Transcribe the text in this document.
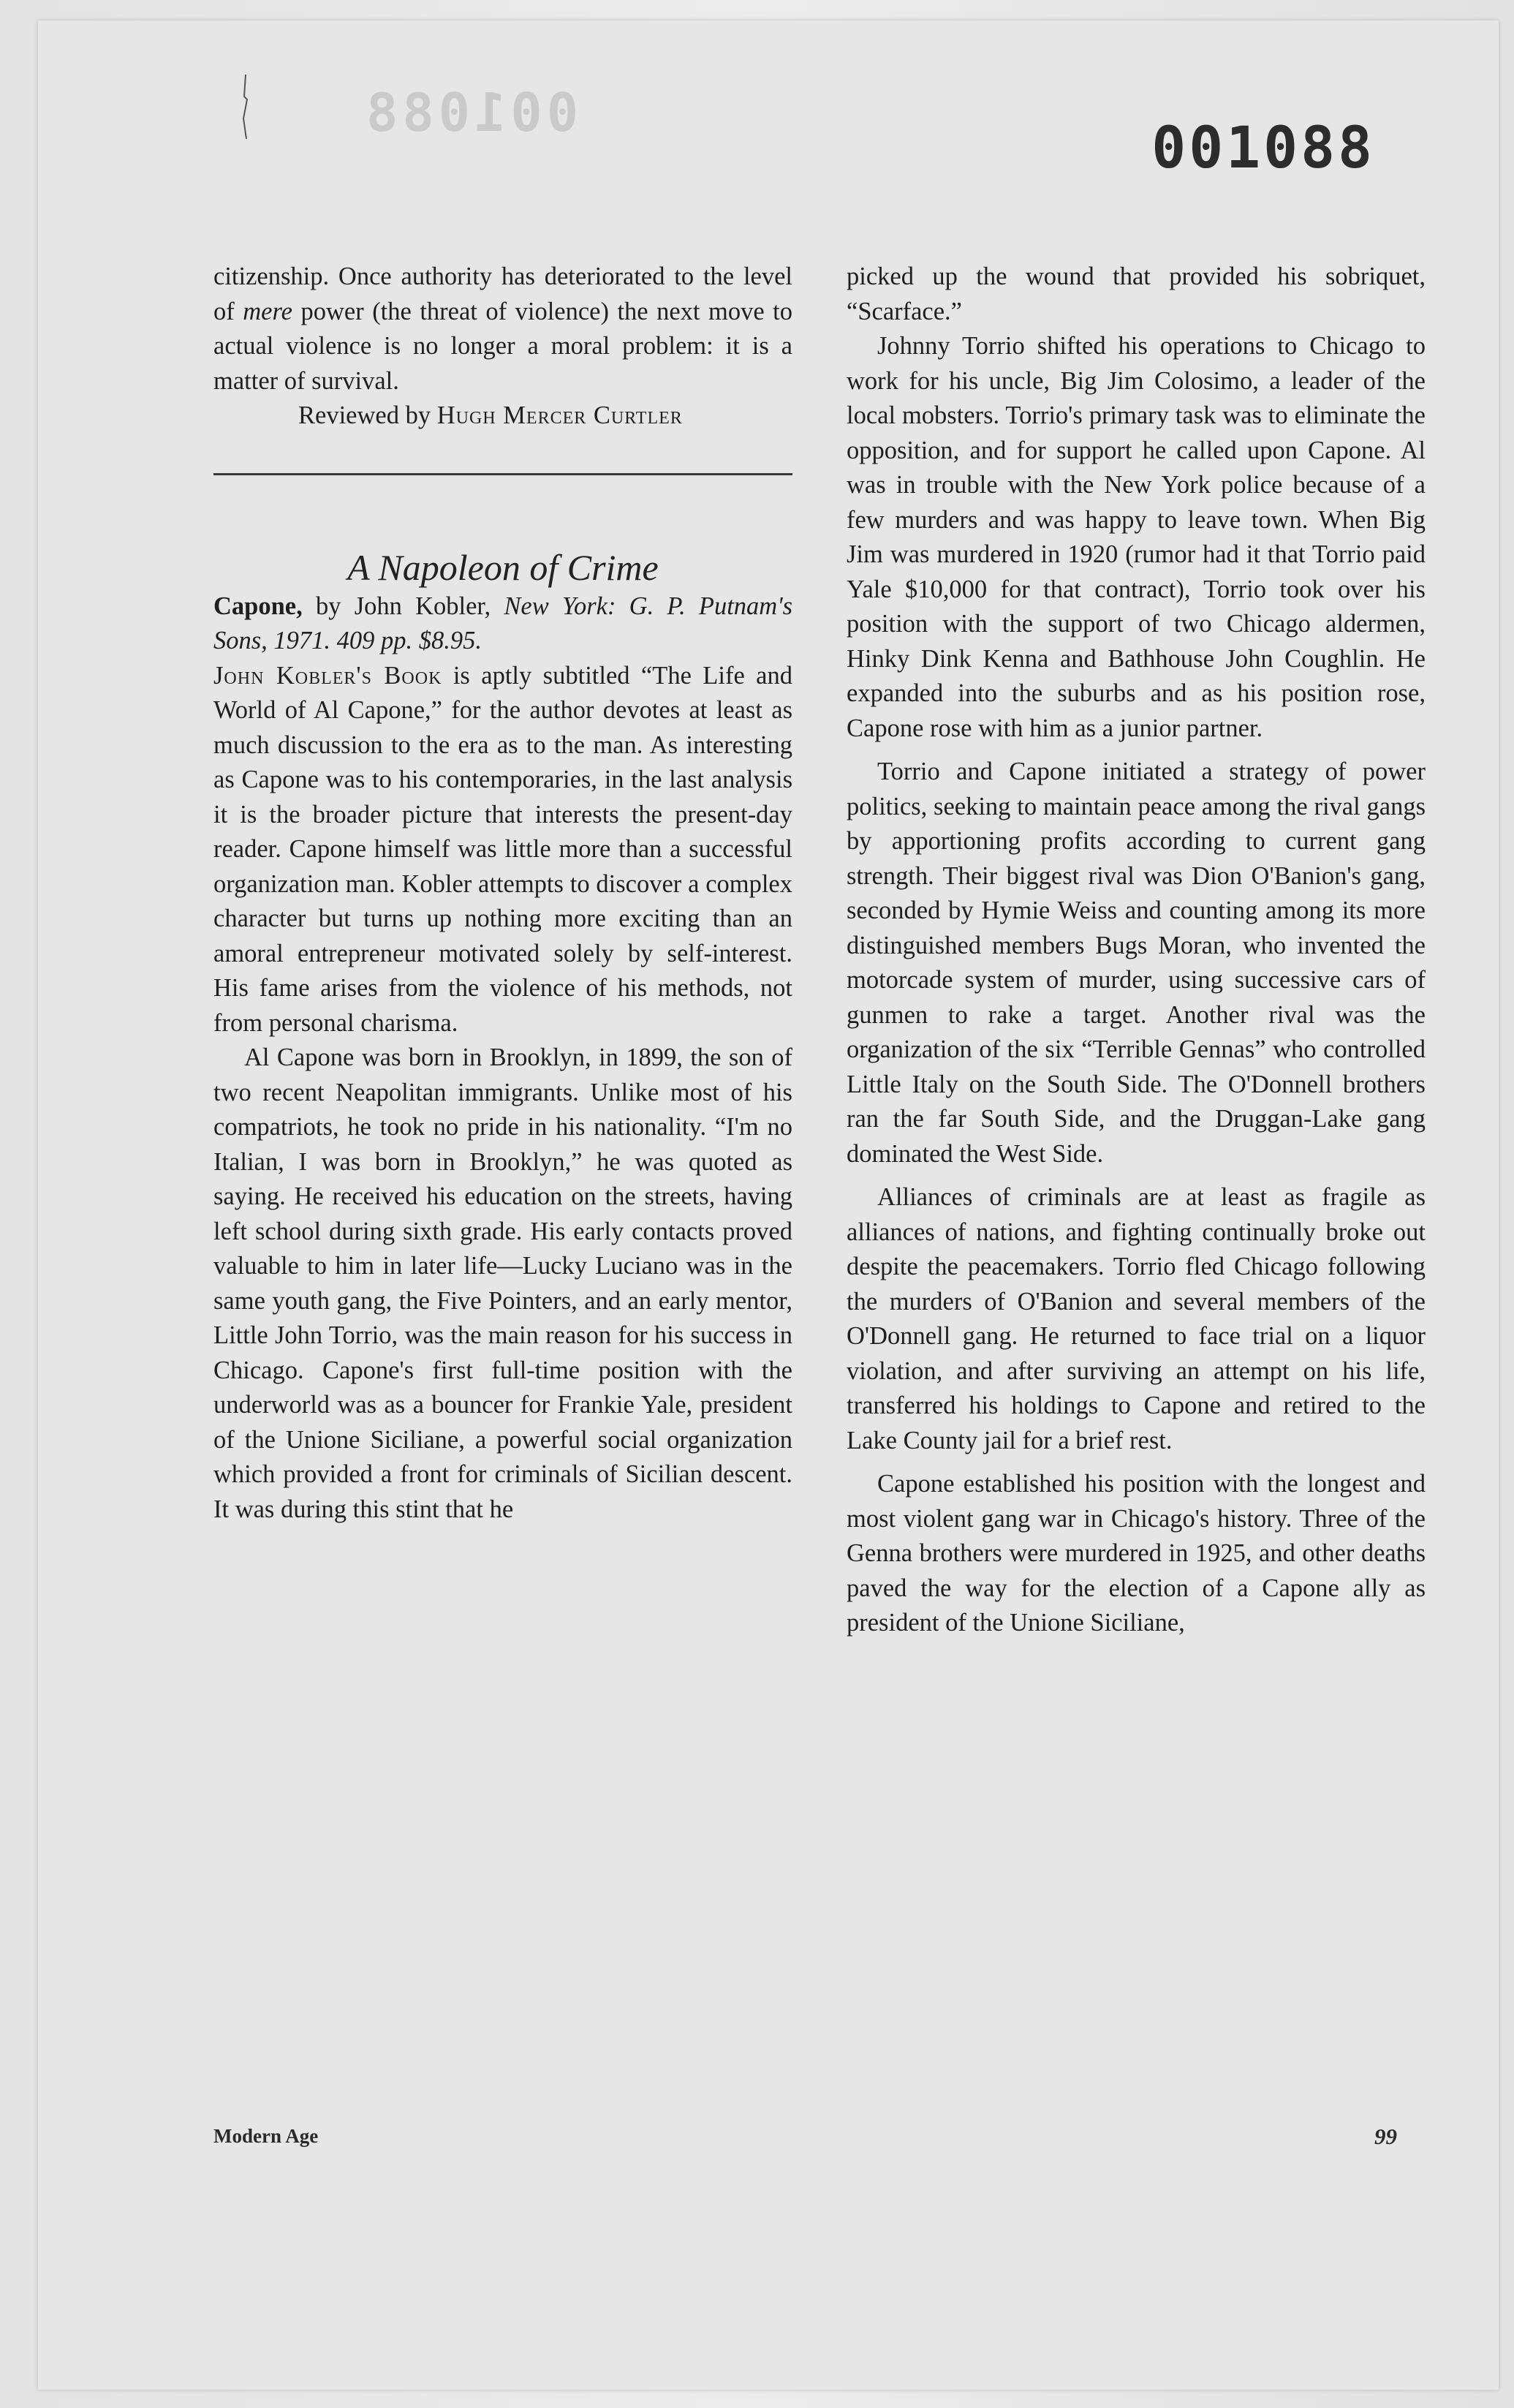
001088
001088

citizenship. Once authority has deteriorated to the level of mere power (the threat of violence) the next move to actual violence is no longer a moral problem: it is a matter of survival.

Reviewed by Hugh Mercer Curtler

A Napoleon of Crime

Capone, by John Kobler, New York: G. P. Putnam's Sons, 1971. 409 pp. $8.95.

John Kobler's Book is aptly subtitled “The Life and World of Al Capone,” for the author devotes at least as much discussion to the era as to the man. As interesting as Capone was to his contemporaries, in the last analysis it is the broader picture that interests the present-day reader. Capone himself was little more than a successful organization man. Kobler attempts to discover a complex character but turns up nothing more exciting than an amoral entrepreneur motivated solely by self-interest. His fame arises from the violence of his methods, not from personal charisma.

Al Capone was born in Brooklyn, in 1899, the son of two recent Neapolitan immigrants. Unlike most of his compatriots, he took no pride in his nationality. “I'm no Italian, I was born in Brooklyn,” he was quoted as saying. He received his education on the streets, having left school during sixth grade. His early contacts proved valuable to him in later life—Lucky Luciano was in the same youth gang, the Five Pointers, and an early mentor, Little John Torrio, was the main reason for his success in Chicago. Capone's first full-time position with the underworld was as a bouncer for Frankie Yale, president of the Unione Siciliane, a powerful social organization which provided a front for criminals of Sicilian descent. It was during this stint that he

picked up the wound that provided his sobriquet, “Scarface.”

Johnny Torrio shifted his operations to Chicago to work for his uncle, Big Jim Colosimo, a leader of the local mobsters. Torrio's primary task was to eliminate the opposition, and for support he called upon Capone. Al was in trouble with the New York police because of a few murders and was happy to leave town. When Big Jim was murdered in 1920 (rumor had it that Torrio paid Yale $10,000 for that contract), Torrio took over his position with the support of two Chicago aldermen, Hinky Dink Kenna and Bathhouse John Coughlin. He expanded into the suburbs and as his position rose, Capone rose with him as a junior partner.

Torrio and Capone initiated a strategy of power politics, seeking to maintain peace among the rival gangs by apportioning profits according to current gang strength. Their biggest rival was Dion O'Banion's gang, seconded by Hymie Weiss and counting among its more distinguished members Bugs Moran, who invented the motorcade system of murder, using successive cars of gunmen to rake a target. Another rival was the organization of the six “Terrible Gennas” who controlled Little Italy on the South Side. The O'Donnell brothers ran the far South Side, and the Druggan-Lake gang dominated the West Side.

Alliances of criminals are at least as fragile as alliances of nations, and fighting continually broke out despite the peacemakers. Torrio fled Chicago following the murders of O'Banion and several members of the O'Donnell gang. He returned to face trial on a liquor violation, and after surviving an attempt on his life, transferred his holdings to Capone and retired to the Lake County jail for a brief rest.

Capone established his position with the longest and most violent gang war in Chicago's history. Three of the Genna brothers were murdered in 1925, and other deaths paved the way for the election of a Capone ally as president of the Unione Siciliane,

Modern Age	99
